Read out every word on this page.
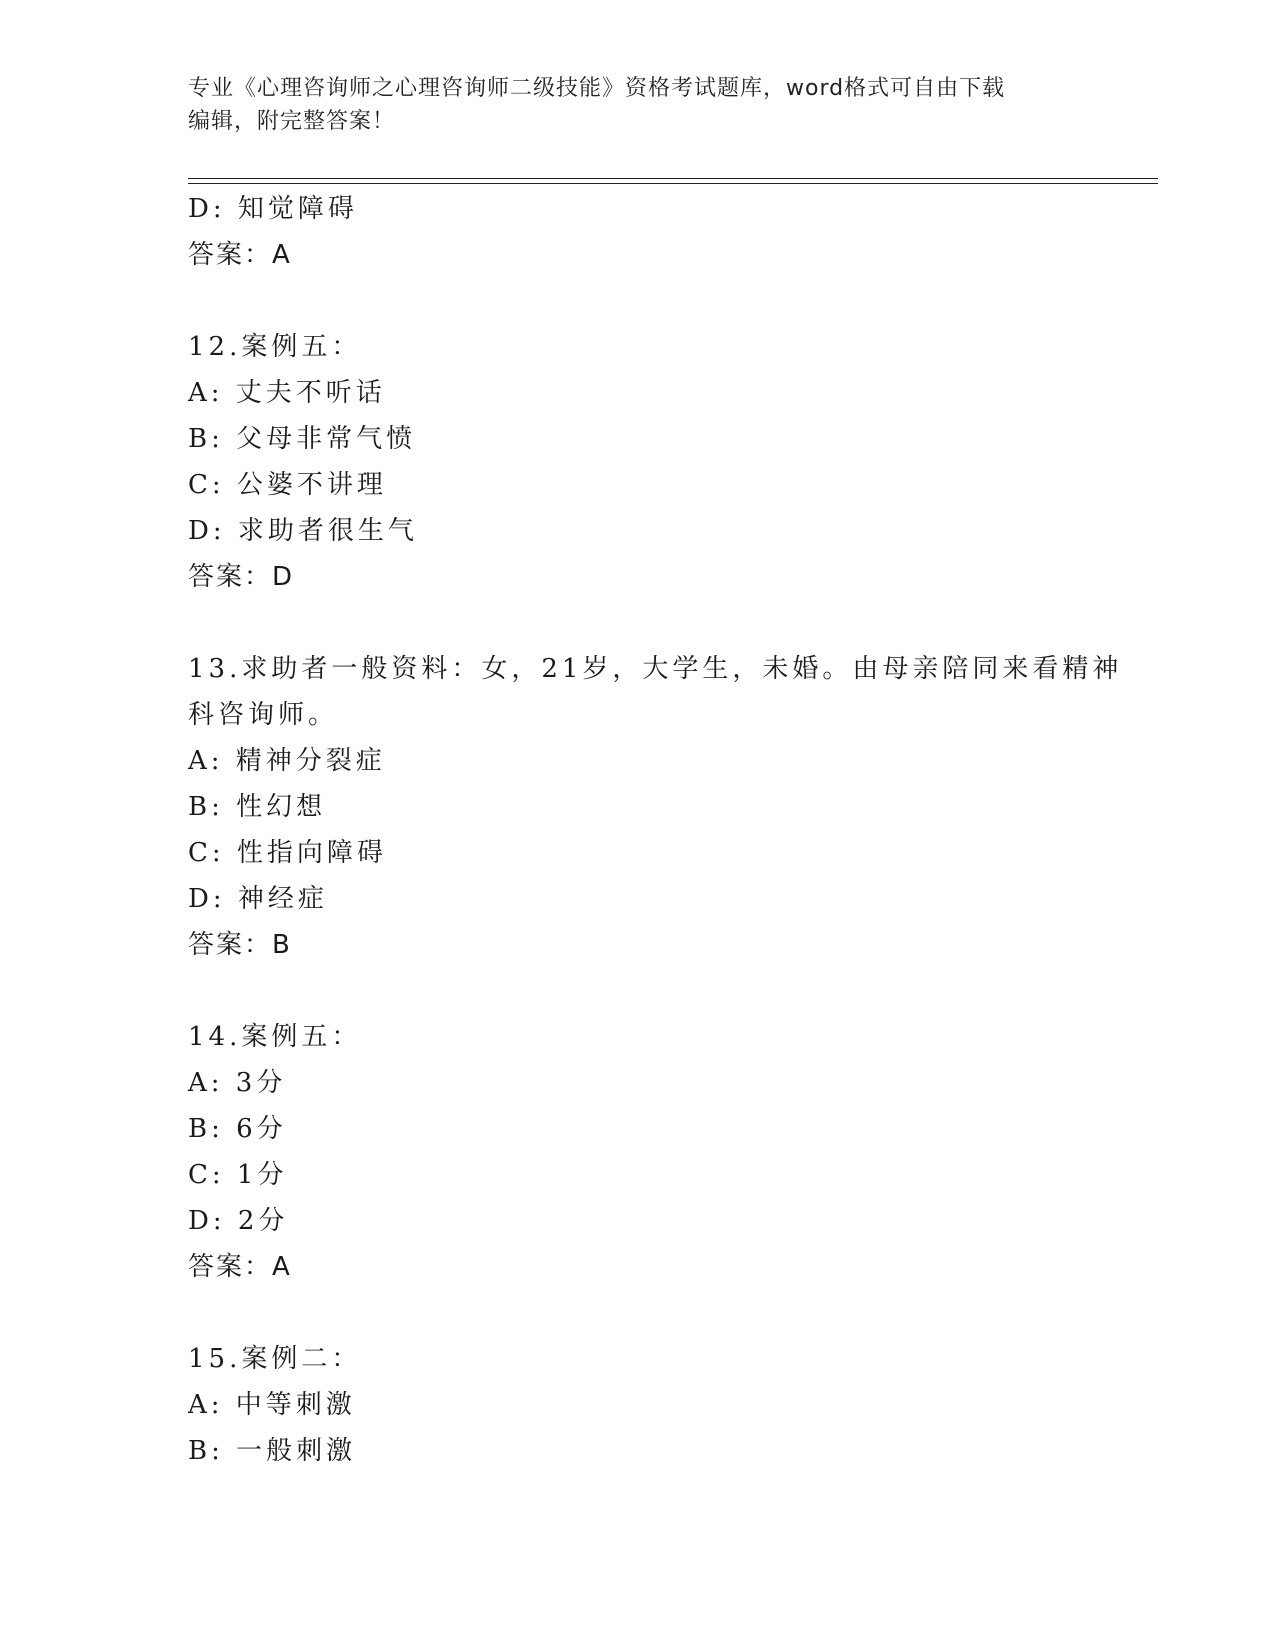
专业《心理咨询师之心理咨询师二级技能》资格考试题库，word格式可自由下载
编辑，附完整答案！
D: 知觉障碍
答案：A
12.案例五：
A: 丈夫不听话
B: 父母非常气愤
C: 公婆不讲理
D: 求助者很生气
答案：D
13.求助者一般资料：女，21岁，大学生，未婚。由母亲陪同来看精神
科咨询师。
A: 精神分裂症
B: 性幻想
C: 性指向障碍
D: 神经症
答案：B
14.案例五：
A: 3分
B: 6分
C: 1分
D: 2分
答案：A
15.案例二：
A: 中等刺激
B: 一般刺激
